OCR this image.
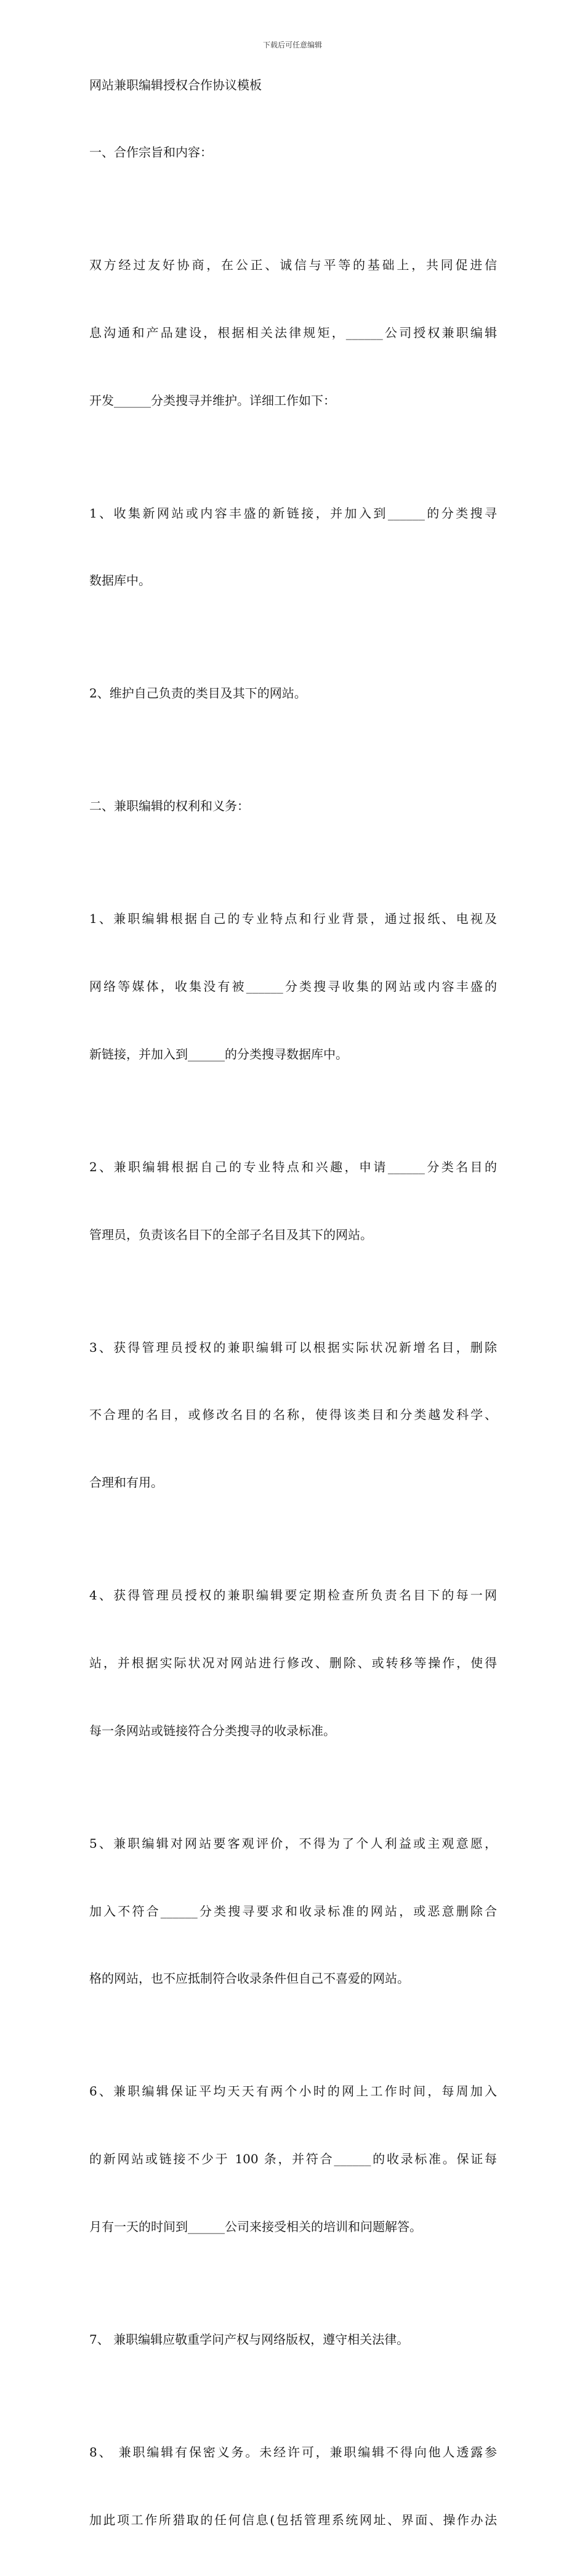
下载后可任意编辑
网站兼职编辑授权合作协议模板

一、合作宗旨和内容：

双方经过友好协商，在公正、诚信与平等的基础上，共同促进信

息沟通和产品建设，根据相关法律规矩，______公司授权兼职编辑

开发______分类搜寻并维护。详细工作如下：

1、收集新网站或内容丰盛的新链接，并加入到______的分类搜寻

数据库中。

2、维护自己负责的类目及其下的网站。

二、兼职编辑的权利和义务：

1、兼职编辑根据自己的专业特点和行业背景，通过报纸、电视及

网络等媒体，收集没有被______分类搜寻收集的网站或内容丰盛的

新链接，并加入到______的分类搜寻数据库中。

2、兼职编辑根据自己的专业特点和兴趣，申请______分类名目的

管理员，负责该名目下的全部子名目及其下的网站。

3、获得管理员授权的兼职编辑可以根据实际状况新增名目，删除

不合理的名目，或修改名目的名称，使得该类目和分类越发科学、

合理和有用。

4、获得管理员授权的兼职编辑要定期检查所负责名目下的每一网

站，并根据实际状况对网站进行修改、删除、或转移等操作，使得

每一条网站或链接符合分类搜寻的收录标准。

5、兼职编辑对网站要客观评价，不得为了个人利益或主观意愿，

加入不符合______分类搜寻要求和收录标准的网站，或恶意删除合

格的网站，也不应抵制符合收录条件但自己不喜爱的网站。

6、兼职编辑保证平均天天有两个小时的网上工作时间，每周加入

的新网站或链接不少于 100 条，并符合______的收录标准。保证每

月有一天的时间到______公司来接受相关的培训和问题解答。

7、 兼职编辑应敬重学问产权与网络版权，遵守相关法律。

8、 兼职编辑有保密义务。未经许可，兼职编辑不得向他人透露参

加此项工作所猎取的任何信息(包括管理系统网址、界面、操作办法
